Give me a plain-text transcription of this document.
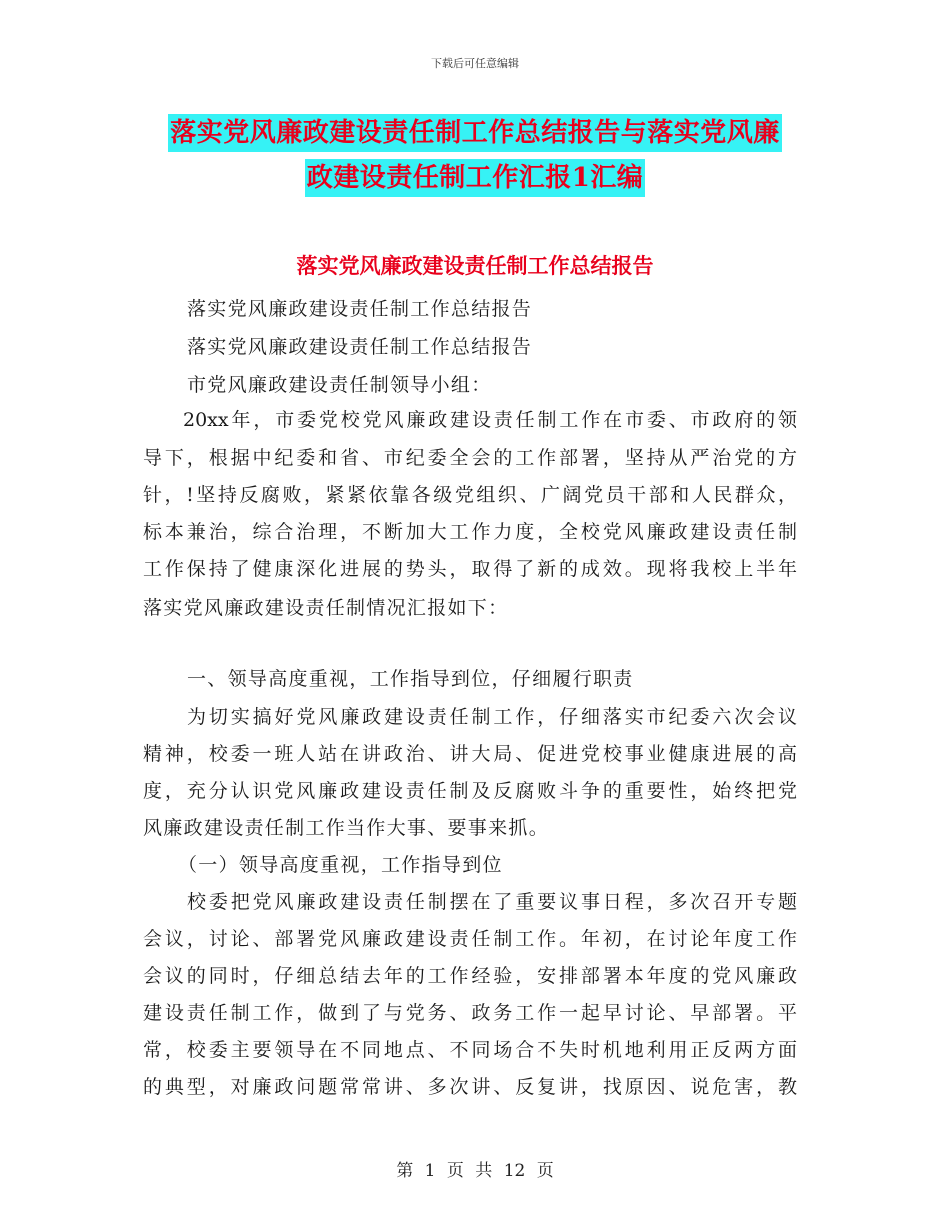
下载后可任意编辑
落实党风廉政建设责任制工作总结报告与落实党风廉
政建设责任制工作汇报1汇编
落实党风廉政建设责任制工作总结报告
落实党风廉政建设责任制工作总结报告
落实党风廉政建设责任制工作总结报告
市党风廉政建设责任制领导小组：
20xx年，市委党校党风廉政建设责任制工作在市委、市政府的领
导下，根据中纪委和省、市纪委全会的工作部署，坚持从严治党的方
针，!坚持反腐败，紧紧依靠各级党组织、广阔党员干部和人民群众，
标本兼治，综合治理，不断加大工作力度，全校党风廉政建设责任制
工作保持了健康深化进展的势头，取得了新的成效。现将我校上半年
落实党风廉政建设责任制情况汇报如下：
一、领导高度重视，工作指导到位，仔细履行职责
为切实搞好党风廉政建设责任制工作，仔细落实市纪委六次会议
精神，校委一班人站在讲政治、讲大局、促进党校事业健康进展的高
度，充分认识党风廉政建设责任制及反腐败斗争的重要性，始终把党
风廉政建设责任制工作当作大事、要事来抓。
（一）领导高度重视，工作指导到位
校委把党风廉政建设责任制摆在了重要议事日程，多次召开专题
会议，讨论、部署党风廉政建设责任制工作。年初，在讨论年度工作
会议的同时，仔细总结去年的工作经验，安排部署本年度的党风廉政
建设责任制工作，做到了与党务、政务工作一起早讨论、早部署。平
常，校委主要领导在不同地点、不同场合不失时机地利用正反两方面
的典型，对廉政问题常常讲、多次讲、反复讲，找原因、说危害，教
第 1 页 共 12 页
